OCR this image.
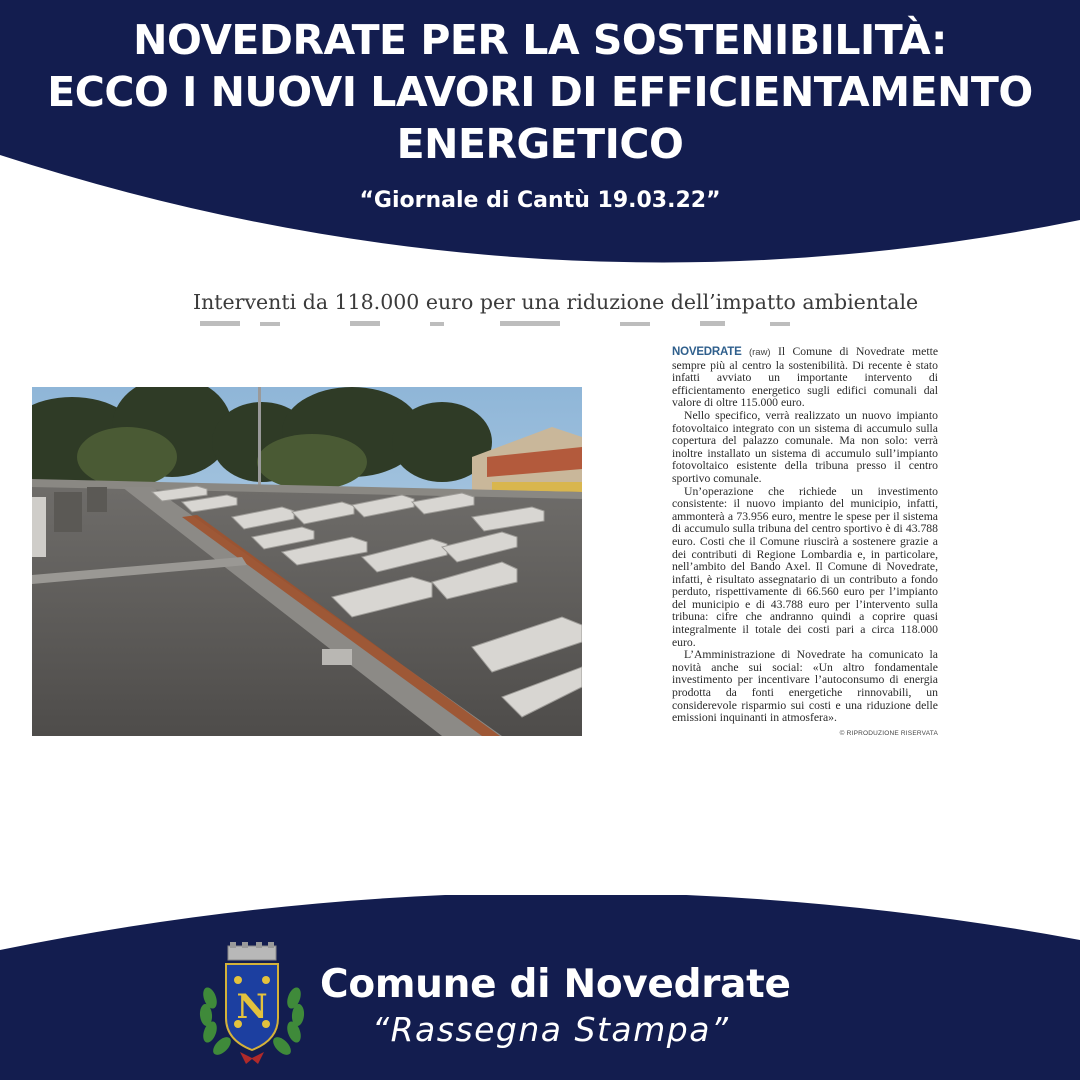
NOVEDRATE PER LA SOSTENIBILITÀ:
ECCO I NUOVI LAVORI DI EFFICIENTAMENTO
ENERGETICO
“Giornale di Cantù 19.03.22”
Interventi da 118.000 euro per una riduzione dell’impatto ambientale

NOVEDRATE (raw) Il Comune di Novedrate mette sempre più al centro la sostenibilità. Di recente è stato infatti avviato un importante intervento di efficientamento energetico sugli edifici comunali dal valore di oltre 115.000 euro.

Nello specifico, verrà realizzato un nuovo impianto fotovoltaico integrato con un sistema di accumulo sulla copertura del palazzo comunale. Ma non solo: verrà inoltre installato un sistema di accumulo sull’impianto fotovoltaico esistente della tribuna presso il centro sportivo comunale.

Un’operazione che richiede un investimento consistente: il nuovo impianto del municipio, infatti, ammonterà a 73.956 euro, mentre le spese per il sistema di accumulo sulla tribuna del centro sportivo è di 43.788 euro. Costi che il Comune riuscirà a sostenere grazie a dei contributi di Regione Lombardia e, in particolare, nell’ambito del Bando Axel. Il Comune di Novedrate, infatti, è risultato assegnatario di un contributo a fondo perduto, rispettivamente di 66.560 euro per l’impianto del municipio e di 43.788 euro per l’intervento sulla tribuna: cifre che andranno quindi a coprire quasi integralmente il totale dei costi pari a circa 118.000 euro.

L’Amministrazione di Novedrate ha comunicato la novità anche sui social: «Un altro fondamentale investimento per incentivare l’autoconsumo di energia prodotta da fonti energetiche rinnovabili, un considerevole risparmio sui costi e una riduzione delle emissioni inquinanti in atmosfera».

© RIPRODUZIONE RISERVATA
N Comune di Novedrate
“Rassegna Stampa”
